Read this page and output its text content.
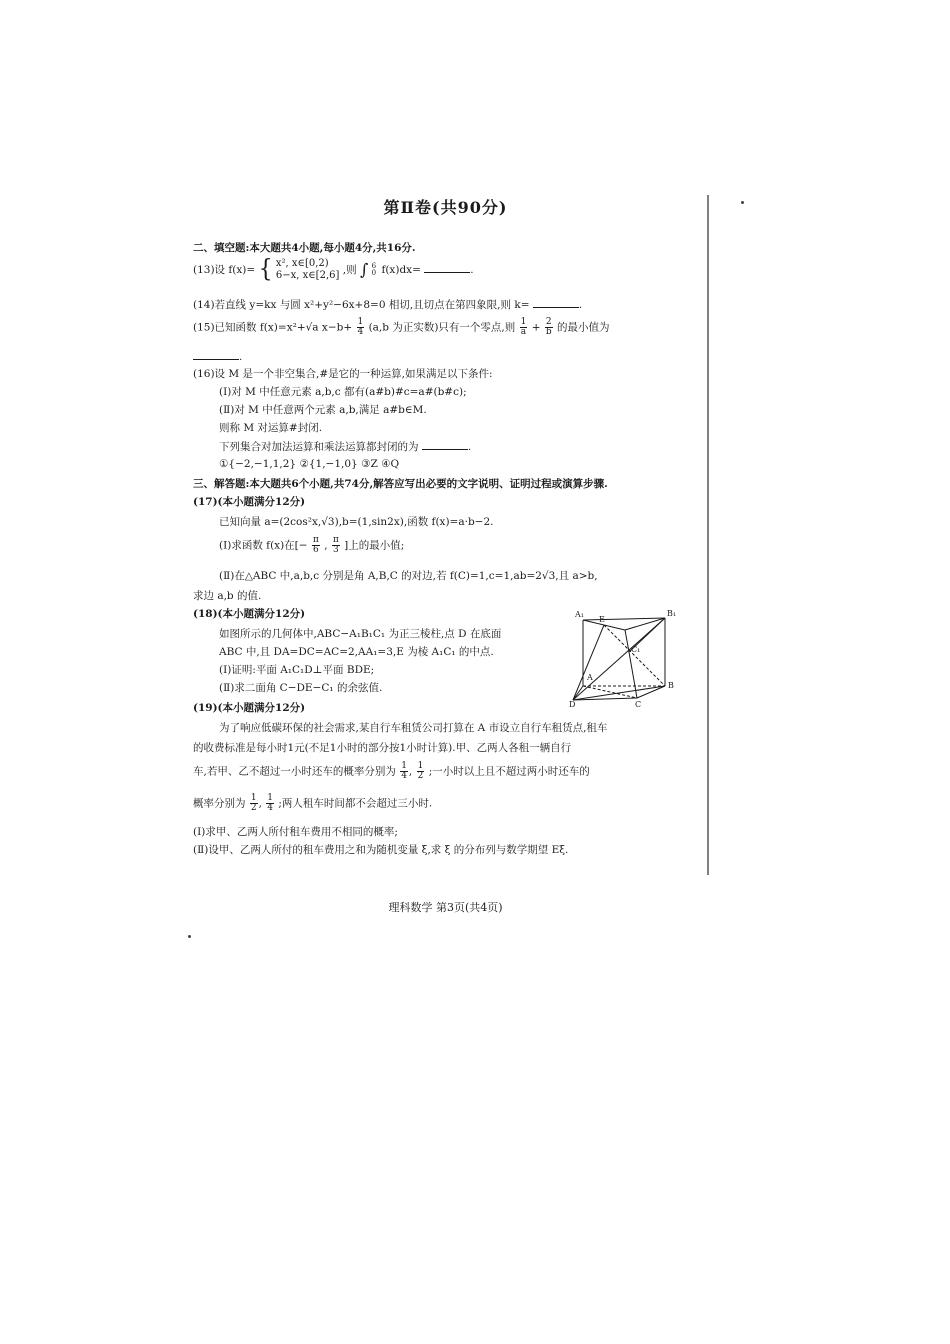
第Ⅱ卷(共90分)
二、填空题:本大题共4小题,每小题4分,共16分.
(13)设 f(x)= { x², x∈[0,2)
6−x, x∈[2,6] ,则 ∫ 6
0 f(x)dx=	.
(14)若直线 y=kx 与圆 x²+y²−6x+8=0 相切,且切点在第四象限,则 k=	.
(15)已知函数 f(x)=x²+√a $x-b+ \frac{1}{4} (a,b$ 为正实数)只有一个零点,则 $\frac{1}{a} + \frac{2}{b}$ 的最小值为
.
(16)设 M 是一个非空集合,#是它的一种运算,如果满足以下条件:
(Ⅰ)对 M 中任意元素 a,b,c 都有(a#b)#c=a#(b#c);
(Ⅱ)对 M 中任意两个元素 a,b,满足 a#b∈M.
则称 M 对运算#封闭.
下列集合对加法运算和乘法运算都封闭的为	.
①{−2,−1,1,2} ②{1,−1,0} ③Z ④Q
三、解答题:本大题共6个小题,共74分,解答应写出必要的文字说明、证明过程或演算步骤.
(17)(本小题满分12分)
已知向量 a=(2cos²x,√3),b=(1,sin2x),函数 f(x)=a·b−2.
(Ⅰ)求函数 f(x)在[− $\frac{\pi}{6}$ , $\frac{\pi}{3}$ ]上的最小值;
(Ⅱ)在△ABC 中,a,b,c 分别是角 A,B,C 的对边,若 f(C)=1,c=1,ab=2√3,且 a>b,
求边 a,b 的值.
(18)(本小题满分12分)
如图所示的几何体中,ABC−A₁B₁C₁ 为正三棱柱,点 D 在底面
ABC 中,且 DA=DC=AC=2,AA₁=3,E 为棱 A₁C₁ 的中点.
(Ⅰ)证明:平面 A₁C₁D⊥平面 BDE;
(Ⅱ)求二面角 C−DE−C₁ 的余弦值.
A₁	B₁
E
C₁
A
B
C
D
(19)(本小题满分12分)
为了响应低碳环保的社会需求,某自行车租赁公司打算在 A 市设立自行车租赁点,租车
的收费标准是每小时1元(不足1小时的部分按1小时计算).甲、乙两人各租一辆自行
车,若甲、乙不超过一小时还车的概率分别为 $\frac{1}{4}$ , $\frac{1}{2}$ ;一小时以上且不超过两小时还车的
概率分别为 $\frac{1}{2}$ , $\frac{1}{4}$ ;两人租车时间都不会超过三小时.
(Ⅰ)求甲、乙两人所付租车费用不相同的概率;
(Ⅱ)设甲、乙两人所付的租车费用之和为随机变量 ξ,求 ξ 的分布列与数学期望 Eξ.
理科数学 第3页(共4页)
